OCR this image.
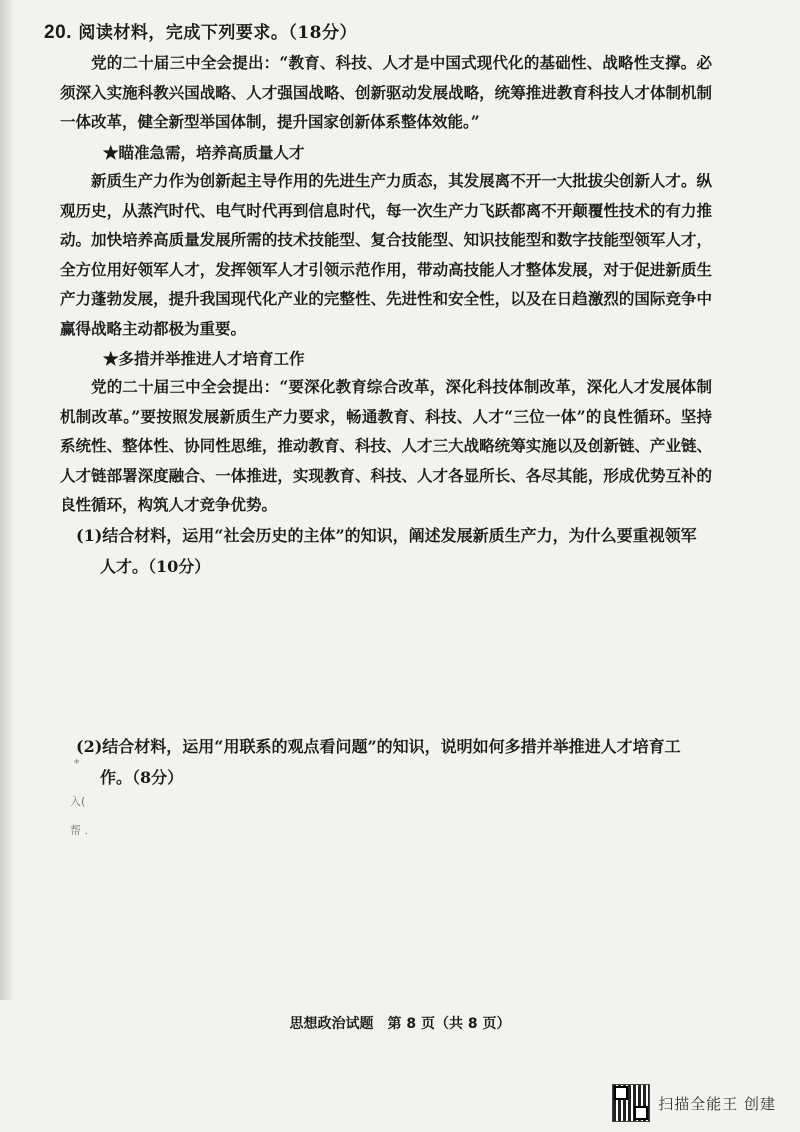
20. 阅读材料，完成下列要求。（18分）
党的二十届三中全会提出：“教育、科技、人才是中国式现代化的基础性、战略性支撑。必须深入实施科教兴国战略、人才强国战略、创新驱动发展战略，统筹推进教育科技人才体制机制一体改革，健全新型举国体制，提升国家创新体系整体效能。”
★瞄准急需，培养高质量人才
新质生产力作为创新起主导作用的先进生产力质态，其发展离不开一大批拔尖创新人才。纵观历史，从蒸汽时代、电气时代再到信息时代，每一次生产力飞跃都离不开颠覆性技术的有力推动。加快培养高质量发展所需的技术技能型、复合技能型、知识技能型和数字技能型领军人才，全方位用好领军人才，发挥领军人才引领示范作用，带动高技能人才整体发展，对于促进新质生产力蓬勃发展，提升我国现代化产业的完整性、先进性和安全性，以及在日趋激烈的国际竞争中赢得战略主动都极为重要。
★多措并举推进人才培育工作
党的二十届三中全会提出：“要深化教育综合改革，深化科技体制改革，深化人才发展体制机制改革。”要按照发展新质生产力要求，畅通教育、科技、人才“三位一体”的良性循环。坚持系统性、整体性、协同性思维，推动教育、科技、人才三大战略统筹实施以及创新链、产业链、人才链部署深度融合、一体推进，实现教育、科技、人才各显所长、各尽其能，形成优势互补的良性循环，构筑人才竞争优势。
(1)结合材料，运用“社会历史的主体”的知识，阐述发展新质生产力，为什么要重视领军
人才。（10分）
(2)结合材料，运用“用联系的观点看问题”的知识，说明如何多措并举推进人才培育工
作。（8分）
*
入(
帮 .
思想政治试题　第 8 页（共 8 页）
扫描全能王 创建
